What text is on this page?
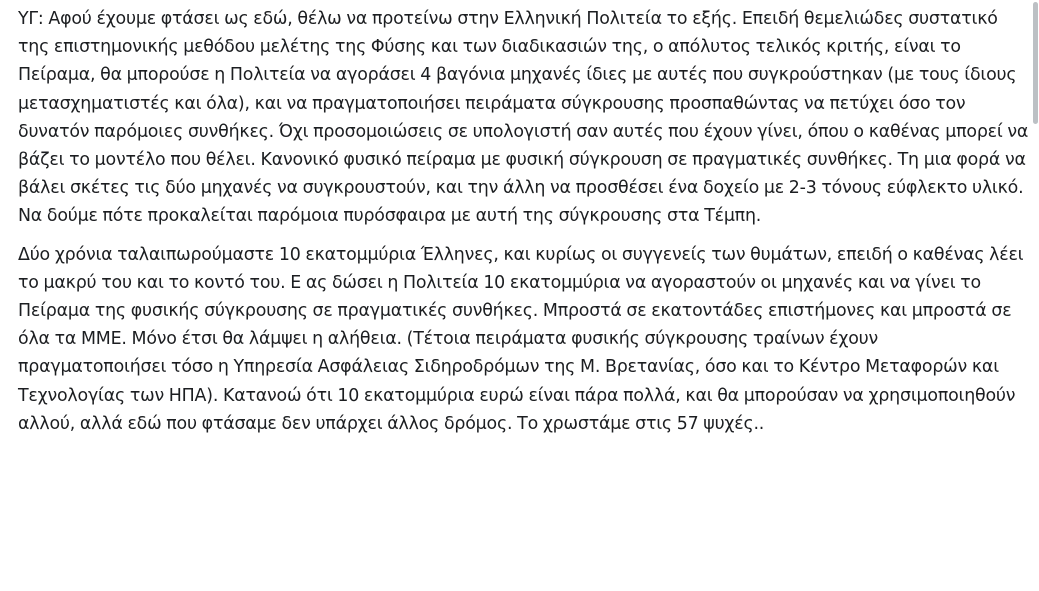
ΥΓ: Αφού έχουμε φτάσει ως εδώ, θέλω να προτείνω στην Ελληνική Πολιτεία το εξής. Επειδή θεμελιώδες συστατικό της επιστημονικής μεθόδου μελέτης της Φύσης και των διαδικασιών της, ο απόλυτος τελικός κριτής, είναι το Πείραμα, θα μπορούσε η Πολιτεία να αγοράσει 4 βαγόνια μηχανές ίδιες με αυτές που συγκρούστηκαν (με τους ίδιους μετασχηματιστές και όλα), και να πραγματοποιήσει πειράματα σύγκρουσης προσπαθώντας να πετύχει όσο τον δυνατόν παρόμοιες συνθήκες. Όχι προσομοιώσεις σε υπολογιστή σαν αυτές που έχουν γίνει, όπου ο καθένας μπορεί να βάζει το μοντέλο που θέλει. Κανονικό φυσικό πείραμα με φυσική σύγκρουση σε πραγματικές συνθήκες. Τη μια φορά να βάλει σκέτες τις δύο μηχανές να συγκρουστούν, και την άλλη να προσθέσει ένα δοχείο με 2-3 τόνους εύφλεκτο υλικό. Να δούμε πότε προκαλείται παρόμοια πυρόσφαιρα με αυτή της σύγκρουσης στα Τέμπη.

Δύο χρόνια ταλαιπωρούμαστε 10 εκατομμύρια Έλληνες, και κυρίως οι συγγενείς των θυμάτων, επειδή ο καθένας λέει το μακρύ του και το κοντό του. Ε ας δώσει η Πολιτεία 10 εκατομμύρια να αγοραστούν οι μηχανές και να γίνει το Πείραμα της φυσικής σύγκρουσης σε πραγματικές συνθήκες. Μπροστά σε εκατοντάδες επιστήμονες και μπροστά σε όλα τα ΜΜΕ. Μόνο έτσι θα λάμψει η αλήθεια. (Τέτοια πειράματα φυσικής σύγκρουσης τραίνων έχουν πραγματοποιήσει τόσο η Υπηρεσία Ασφάλειας Σιδηροδρόμων της Μ. Βρετανίας, όσο και το Κέντρο Μεταφορών και Τεχνολογίας των ΗΠΑ). Κατανοώ ότι 10 εκατομμύρια ευρώ είναι πάρα πολλά, και θα μπορούσαν να χρησιμοποιηθούν αλλού, αλλά εδώ που φτάσαμε δεν υπάρχει άλλος δρόμος. Το χρωστάμε στις 57 ψυχές..
